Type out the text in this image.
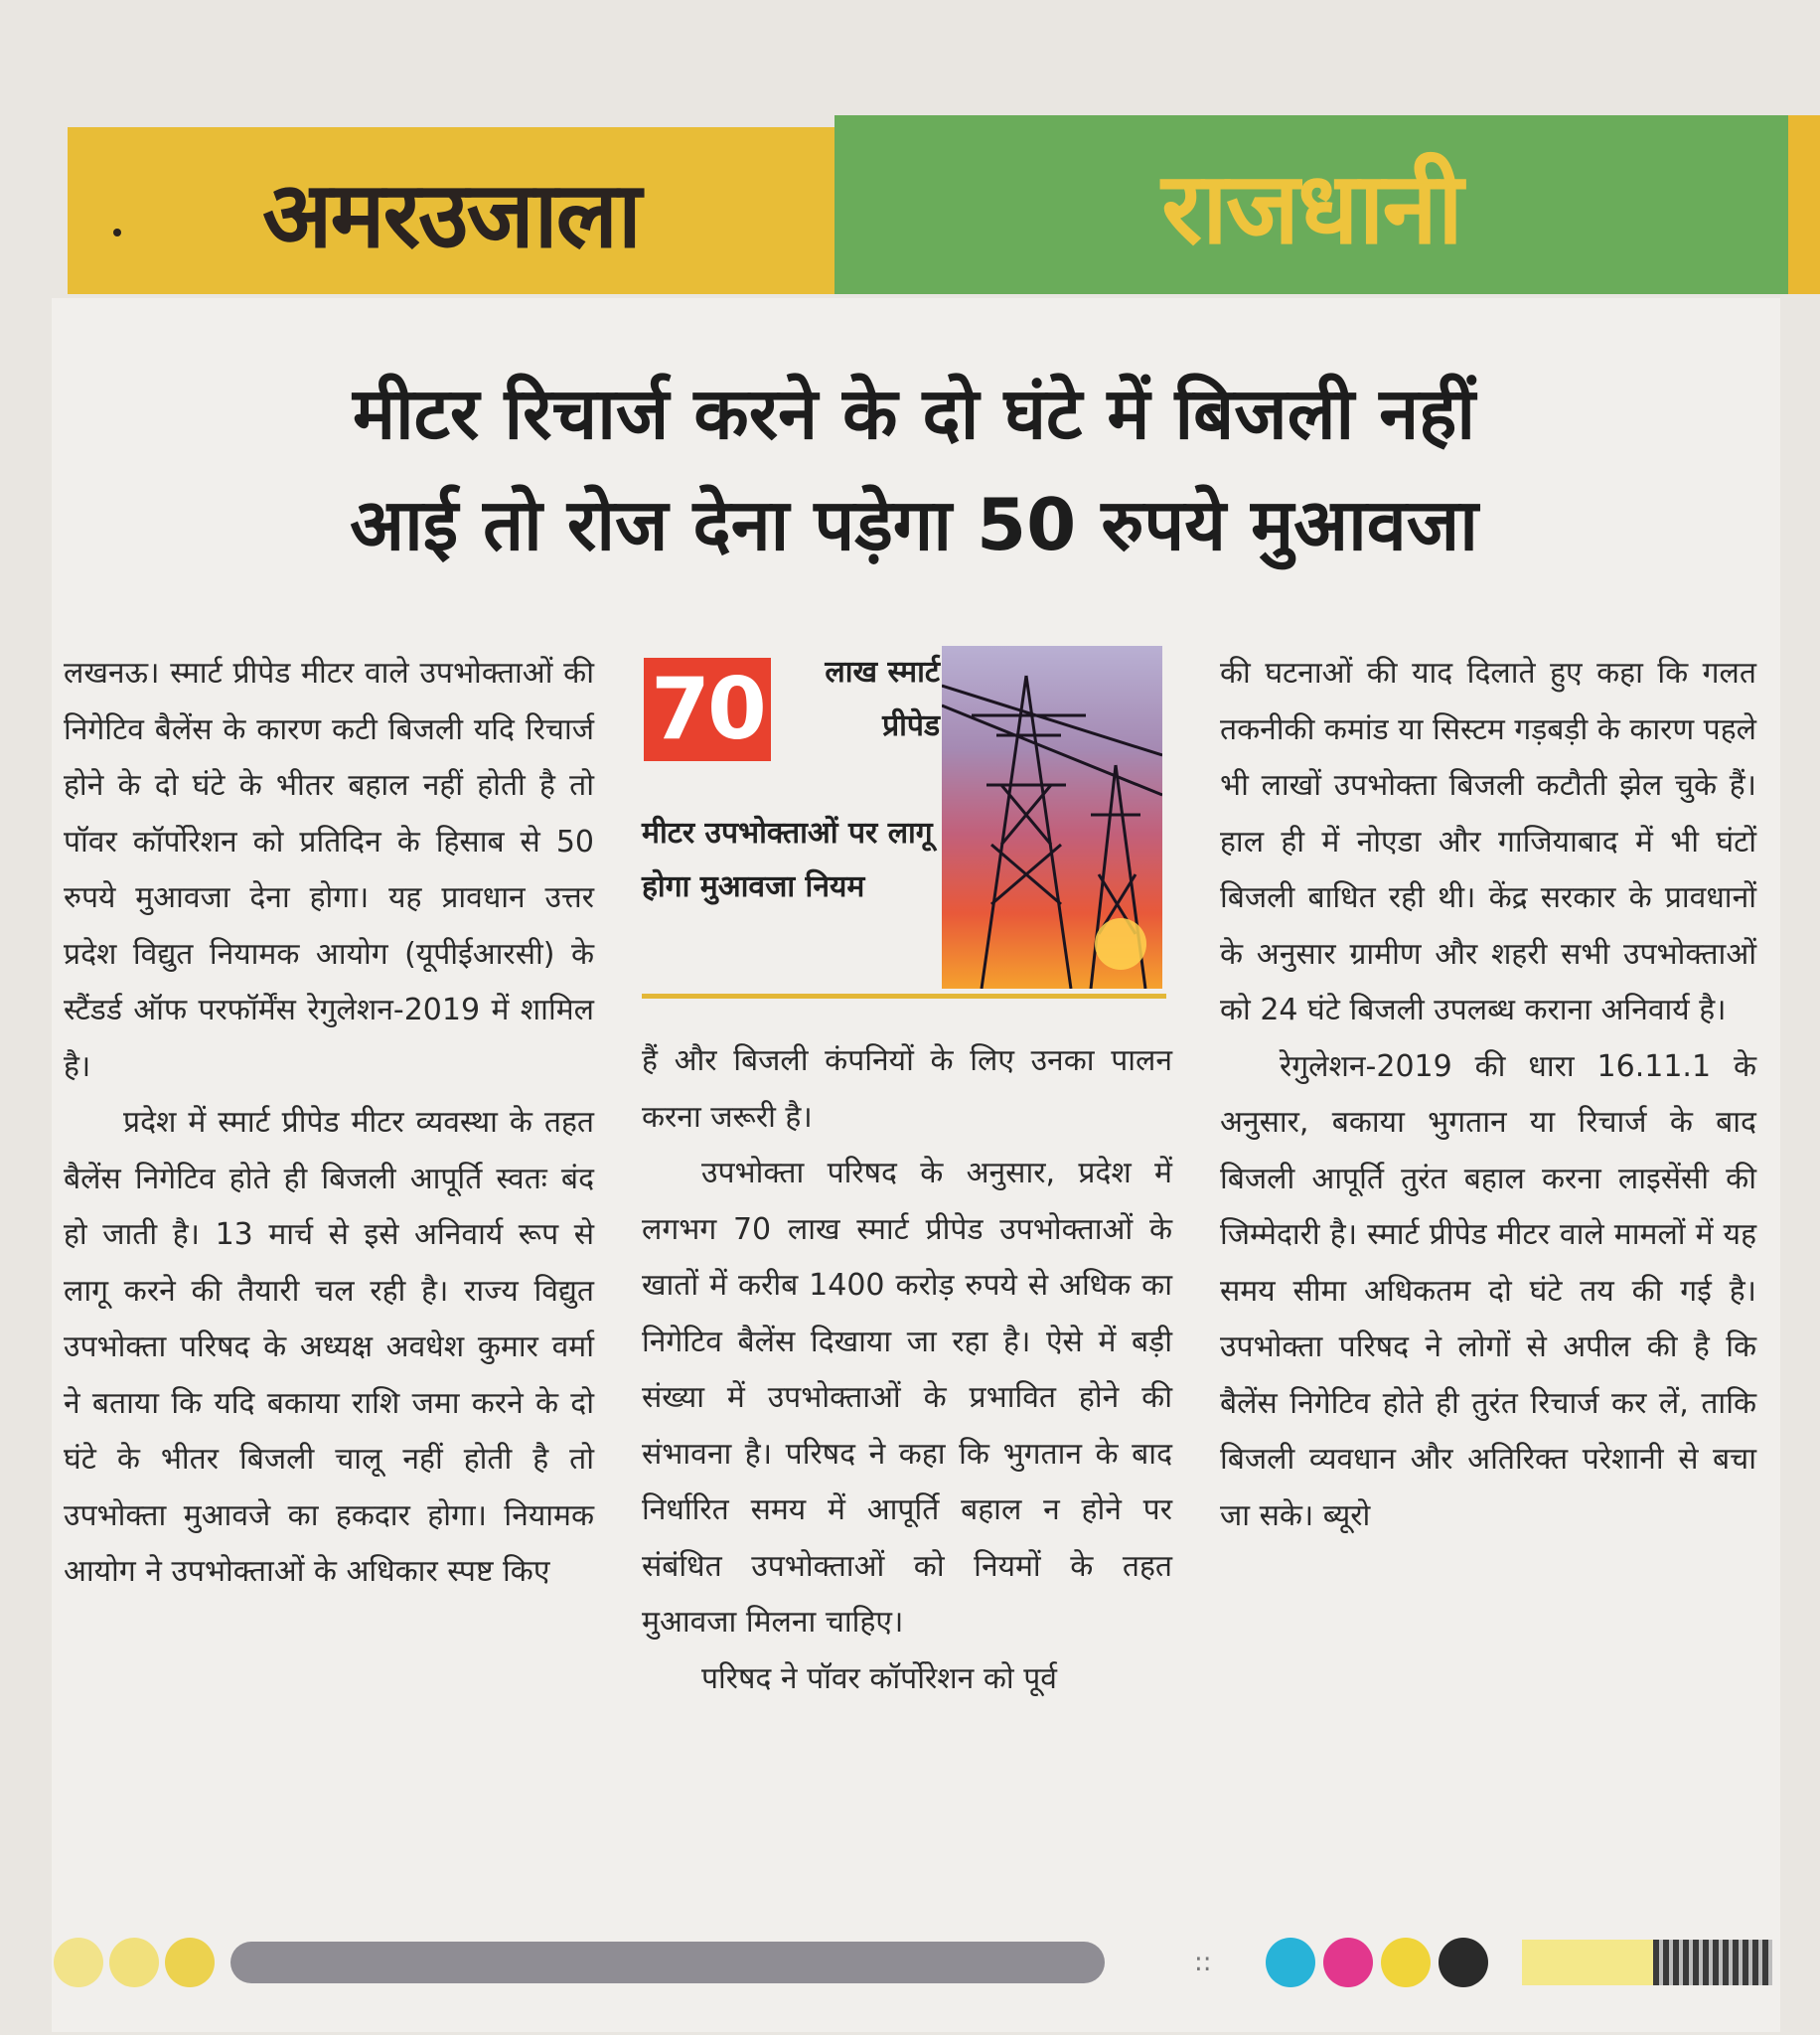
अमरउजाला	राजधानी
मीटर रिचार्ज करने के दो घंटे में बिजली नहीं
आई तो रोज देना पड़ेगा 50 रुपये मुआवजा

लखनऊ। स्मार्ट प्रीपेड मीटर वाले उपभोक्ताओं की निगेटिव बैलेंस के कारण कटी बिजली यदि रिचार्ज होने के दो घंटे के भीतर बहाल नहीं होती है तो पॉवर कॉर्पोरेशन को प्रतिदिन के हिसाब से 50 रुपये मुआवजा देना होगा। यह प्रावधान उत्तर प्रदेश विद्युत नियामक आयोग (यूपीईआरसी) के स्टैंडर्ड ऑफ परफॉर्मेंस रेगुलेशन-2019 में शामिल है।

प्रदेश में स्मार्ट प्रीपेड मीटर व्यवस्था के तहत बैलेंस निगेटिव होते ही बिजली आपूर्ति स्वतः बंद हो जाती है। 13 मार्च से इसे अनिवार्य रूप से लागू करने की तैयारी चल रही है। राज्य विद्युत उपभोक्ता परिषद के अध्यक्ष अवधेश कुमार वर्मा ने बताया कि यदि बकाया राशि जमा करने के दो घंटे के भीतर बिजली चालू नहीं होती है तो उपभोक्ता मुआवजे का हकदार होगा। नियामक आयोग ने उपभोक्ताओं के अधिकार स्पष्ट किए

70	लाख स्मार्ट प्रीपेड
मीटर उपभोक्ताओं पर लागू होगा मुआवजा नियम

हैं और बिजली कंपनियों के लिए उनका पालन करना जरूरी है।

उपभोक्ता परिषद के अनुसार, प्रदेश में लगभग 70 लाख स्मार्ट प्रीपेड उपभोक्ताओं के खातों में करीब 1400 करोड़ रुपये से अधिक का निगेटिव बैलेंस दिखाया जा रहा है। ऐसे में बड़ी संख्या में उपभोक्ताओं के प्रभावित होने की संभावना है। परिषद ने कहा कि भुगतान के बाद निर्धारित समय में आपूर्ति बहाल न होने पर संबंधित उपभोक्ताओं को नियमों के तहत मुआवजा मिलना चाहिए।

परिषद ने पॉवर कॉर्पोरेशन को पूर्व

की घटनाओं की याद दिलाते हुए कहा कि गलत तकनीकी कमांड या सिस्टम गड़बड़ी के कारण पहले भी लाखों उपभोक्ता बिजली कटौती झेल चुके हैं। हाल ही में नोएडा और गाजियाबाद में भी घंटों बिजली बाधित रही थी। केंद्र सरकार के प्रावधानों के अनुसार ग्रामीण और शहरी सभी उपभोक्ताओं को 24 घंटे बिजली उपलब्ध कराना अनिवार्य है।

रेगुलेशन-2019 की धारा 16.11.1 के अनुसार, बकाया भुगतान या रिचार्ज के बाद बिजली आपूर्ति तुरंत बहाल करना लाइसेंसी की जिम्मेदारी है। स्मार्ट प्रीपेड मीटर वाले मामलों में यह समय सीमा अधिकतम दो घंटे तय की गई है। उपभोक्ता परिषद ने लोगों से अपील की है कि बैलेंस निगेटिव होते ही तुरंत रिचार्ज कर लें, ताकि बिजली व्यवधान और अतिरिक्त परेशानी से बचा जा सके। ब्यूरो

::
